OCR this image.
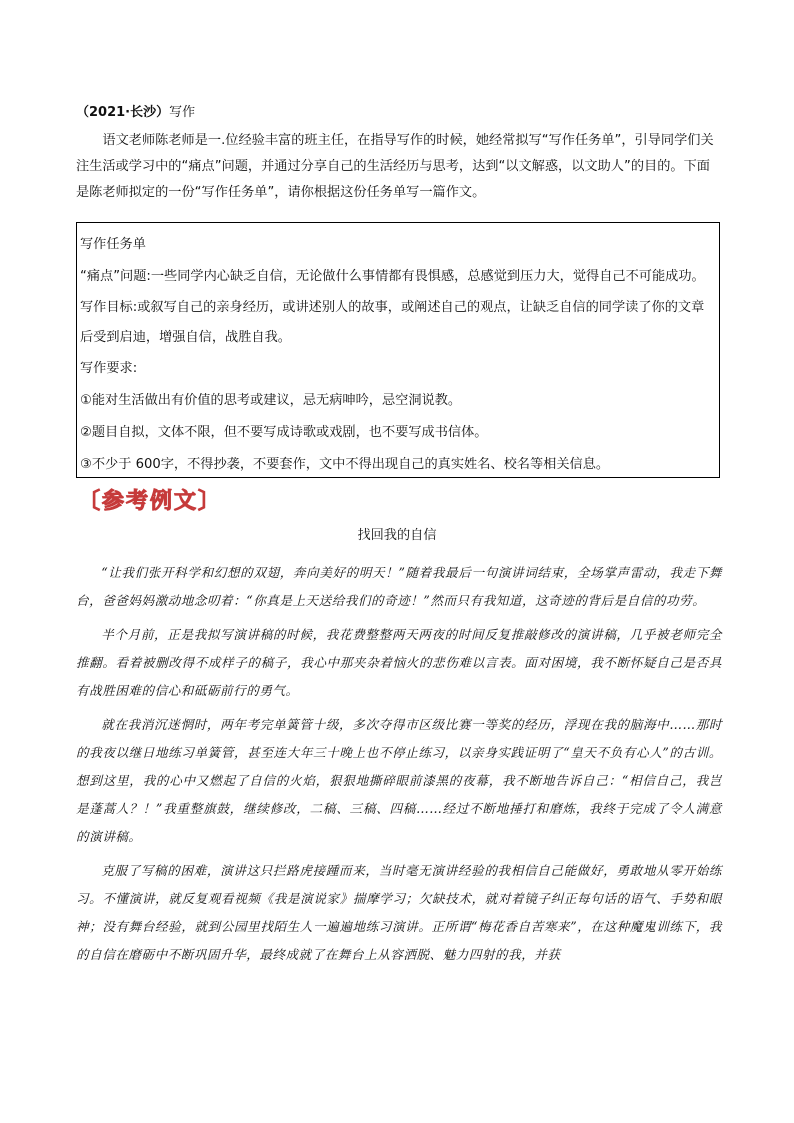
（2021·长沙）写作

语文老师陈老师是一.位经验丰富的班主任，在指导写作的时候，她经常拟写“写作任务单”，引导同学们关注生活或学习中的“痛点”问题，并通过分享自己的生活经历与思考，达到“以文解惑，以文助人”的目的。下面是陈老师拟定的一份“写作任务单”，请你根据这份任务单写一篇作文。

写作任务单
“痛点”问题:一些同学内心缺乏自信，无论做什么事情都有畏惧感，总感觉到压力大，觉得自己不可能成功。
写作目标:或叙写自己的亲身经历，或讲述别人的故事，或阐述自己的观点，让缺乏自信的同学读了你的文章后受到启迪，增强自信，战胜自我。
写作要求:
①能对生活做出有价值的思考或建议，忌无病呻吟，忌空洞说教。
②题目自拟，文体不限，但不要写成诗歌或戏剧，也不要写成书信体。
③不少于 600字，不得抄袭，不要套作，文中不得出现自己的真实姓名、校名等相关信息。
〔参考例文〕
找回我的自信

“让我们张开科学和幻想的双翅，奔向美好的明天！”随着我最后一句演讲词结束，全场掌声雷动，我走下舞台，爸爸妈妈激动地念叨着：“你真是上天送给我们的奇迹！”然而只有我知道，这奇迹的背后是自信的功劳。

半个月前，正是我拟写演讲稿的时候，我花费整整两天两夜的时间反复推敲修改的演讲稿，几乎被老师完全推翻。看着被删改得不成样子的稿子，我心中那夹杂着恼火的悲伤难以言表。面对困境，我不断怀疑自己是否具有战胜困难的信心和砥砺前行的勇气。

就在我消沉迷惘时，两年考完单簧管十级，多次夺得市区级比赛一等奖的经历，浮现在我的脑海中……那时的我夜以继日地练习单簧管，甚至连大年三十晚上也不停止练习，以亲身实践证明了“皇天不负有心人”的古训。想到这里，我的心中又燃起了自信的火焰，狠狠地撕碎眼前漆黑的夜幕，我不断地告诉自己：“相信自己，我岂是蓬蒿人？！”我重整旗鼓，继续修改，二稿、三稿、四稿……经过不断地捶打和磨炼，我终于完成了令人满意的演讲稿。

克服了写稿的困难，演讲这只拦路虎接踵而来，当时毫无演讲经验的我相信自己能做好，勇敢地从零开始练习。不懂演讲，就反复观看视频《我是演说家》揣摩学习；欠缺技术，就对着镜子纠正每句话的语气、手势和眼神；没有舞台经验，就到公园里找陌生人一遍遍地练习演讲。正所谓“梅花香自苦寒来”，在这种魔鬼训练下，我的自信在磨砺中不断巩固升华，最终成就了在舞台上从容洒脱、魅力四射的我，并获
